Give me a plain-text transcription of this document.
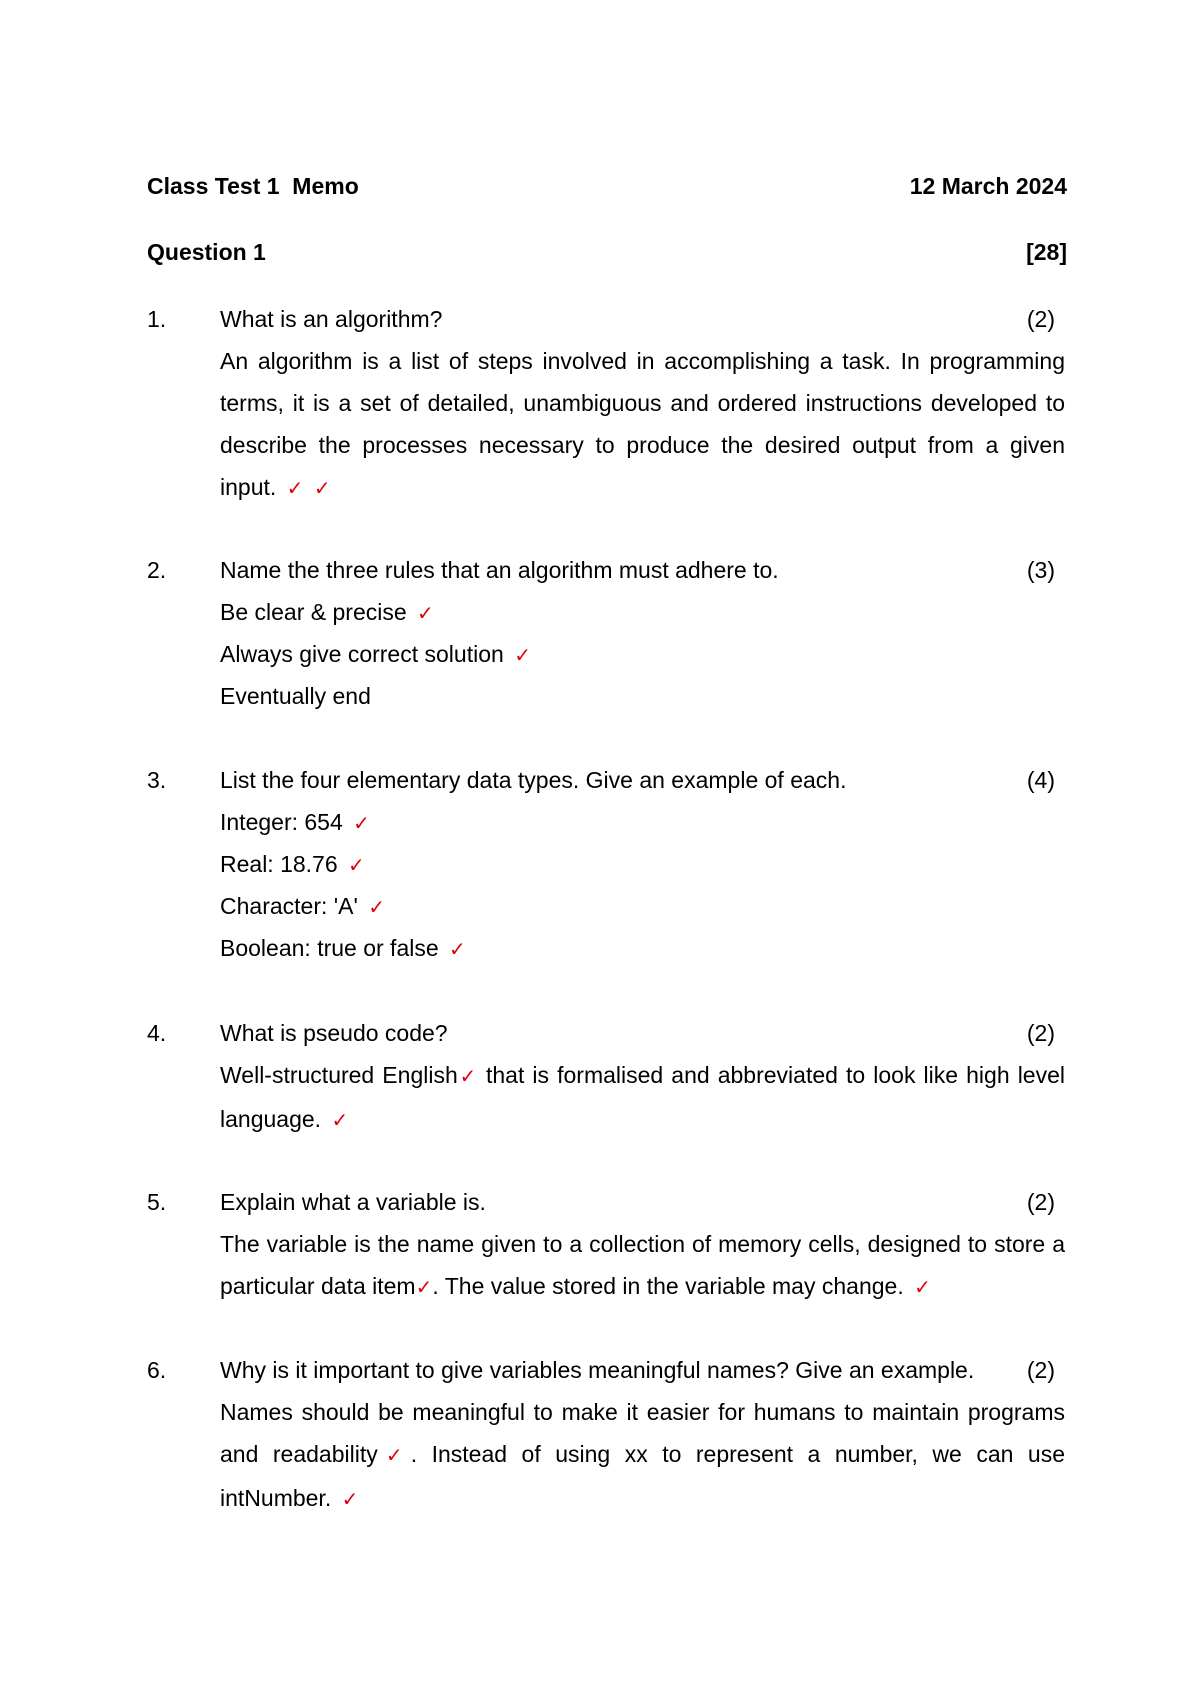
Class Test 1  Memo	12 March 2024
Question 1	[28]
1.	What is an algorithm?	(2)
An algorithm is a list of steps involved in accomplishing a task. In programming terms, it is a set of detailed, unambiguous and ordered instructions developed to describe the processes necessary to produce the desired output from a given input. ✓ ✓
2.	Name the three rules that an algorithm must adhere to.	(3)
Be clear & precise ✓
Always give correct solution ✓
Eventually end
3.	List the four elementary data types. Give an example of each.	(4)
Integer: 654 ✓
Real: 18.76 ✓
Character: 'A' ✓
Boolean: true or false ✓
4.	What is pseudo code?	(2)
Well-structured English✓ that is formalised and abbreviated to look like high level language. ✓
5.	Explain what a variable is.	(2)
The variable is the name given to a collection of memory cells, designed to store a particular data item✓. The value stored in the variable may change. ✓
6.	Why is it important to give variables meaningful names? Give an example.	(2)
Names should be meaningful to make it easier for humans to maintain programs and readability✓. Instead of using xx to represent a number, we can use intNumber. ✓
